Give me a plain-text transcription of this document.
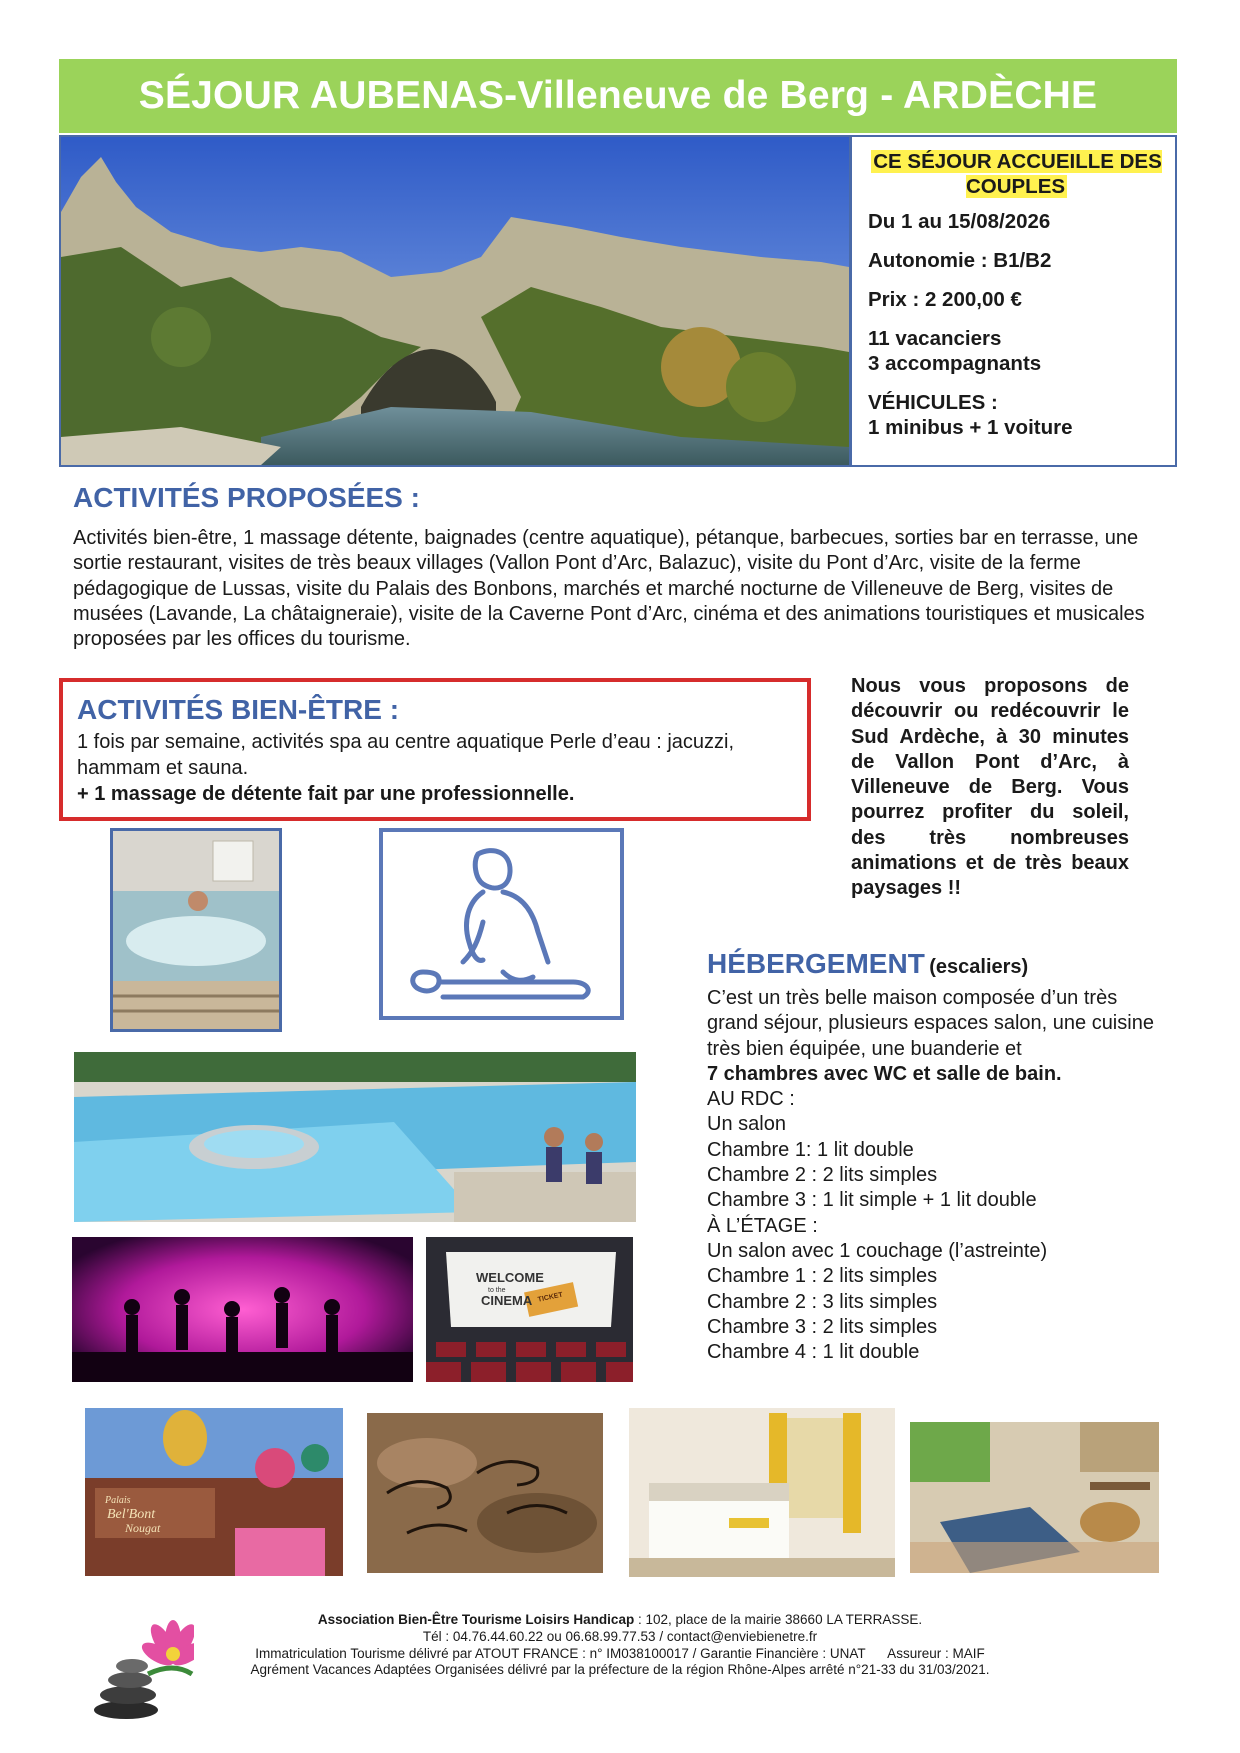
SÉJOUR AUBENAS-Villeneuve de Berg - ARDÈCHE
CE SÉJOUR ACCUEILLE DES COUPLES

Du 1 au 15/08/2026

Autonomie : B1/B2

Prix : 2 200,00 €

11 vacanciers
3 accompagnants

VÉHICULES :
1 minibus + 1 voiture

ACTIVITÉS PROPOSÉES :
Activités bien-être, 1 massage détente, baignades (centre aquatique), pétanque, barbecues, sorties bar en terrasse, une sortie restaurant, visites de très beaux villages (Vallon Pont d’Arc, Balazuc), visite du Pont d’Arc, visite de la ferme pédagogique de Lussas, visite du Palais des Bonbons, marchés et marché nocturne de Villeneuve de Berg, visites de musées (Lavande, La châtaigneraie), visite de la Caverne Pont d’Arc, cinéma et des animations touristiques et musicales proposées par les offices du tourisme.
ACTIVITÉS BIEN-ÊTRE :
1 fois par semaine, activités spa au centre aquatique Perle d’eau : jacuzzi, hammam et sauna.
+ 1 massage de détente fait par une professionnelle.
Nous vous proposons de découvrir ou redécouvrir le Sud Ardèche, à 30 minutes de Vallon Pont d’Arc, à Villeneuve de Berg. Vous pourrez profiter du soleil, des très nombreuses animations et de très beaux paysages !!
WELCOME
to the
CINEMA TICKET
HÉBERGEMENT (escaliers)
C’est un très belle maison composée d’un très grand séjour, plusieurs espaces salon, une cuisine très bien équipée, une buanderie et
7 chambres avec WC et salle de bain.
AU RDC :
Un salon
Chambre 1: 1 lit double
Chambre 2 : 2 lits simples
Chambre 3 : 1 lit simple + 1 lit double
À L’ÉTAGE :
Un salon avec 1 couchage (l’astreinte)
Chambre 1 : 2 lits simples
Chambre 2 : 3 lits simples
Chambre 3 : 2 lits simples
Chambre 4 : 1 lit double
Palais
Bel'Bont
Nougat
Association Bien-Être Tourisme Loisirs Handicap : 102, place de la mairie 38660 LA TERRASSE.
Tél : 04.76.44.60.22 ou 06.68.99.77.53 / contact@enviebienetre.fr
Immatriculation Tourisme délivré par ATOUT FRANCE : n° IM038100017 / Garantie Financière : UNAT      Assureur : MAIF
Agrément Vacances Adaptées Organisées délivré par la préfecture de la région Rhône-Alpes arrêté n°21-33 du 31/03/2021.
